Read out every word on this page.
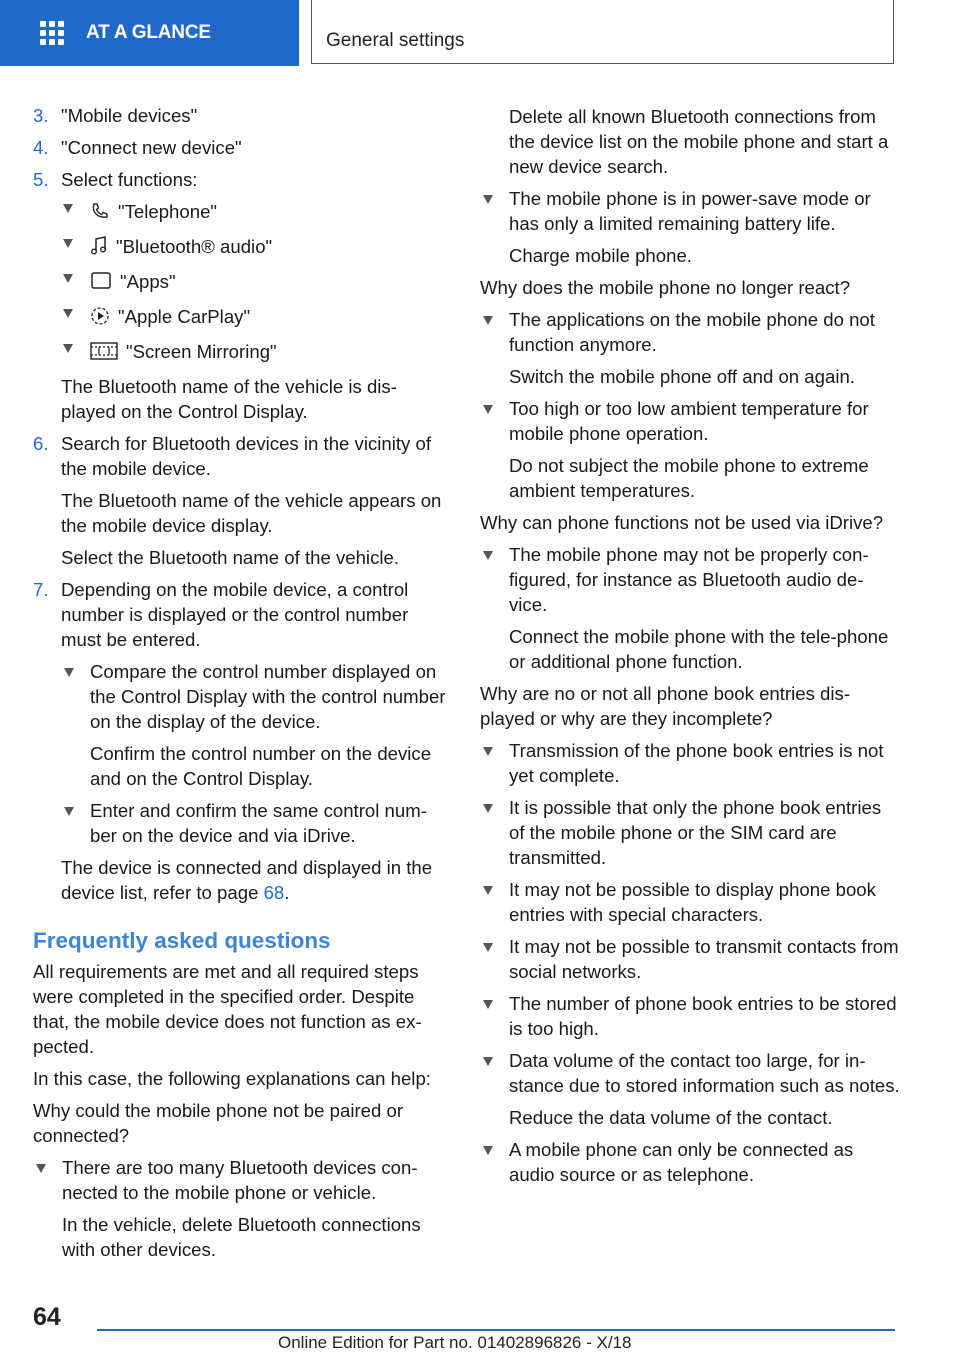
AT A GLANCE	General settings
3. "Mobile devices"
4. "Connect new device"
5. Select functions:
"Telephone"
"Bluetooth® audio"
"Apps"
"Apple CarPlay"
"Screen Mirroring"
The Bluetooth name of the vehicle is dis-played on the Control Display.
6. Search for Bluetooth devices in the vicinity of the mobile device.
The Bluetooth name of the vehicle appears on the mobile device display.
Select the Bluetooth name of the vehicle.
7. Depending on the mobile device, a control number is displayed or the control number must be entered.
Compare the control number displayed on the Control Display with the control number on the display of the device.
Confirm the control number on the device and on the Control Display.
Enter and confirm the same control num-ber on the device and via iDrive.
The device is connected and displayed in the device list, refer to page 68.
Frequently asked questions
All requirements are met and all required steps were completed in the specified order. Despite that, the mobile device does not function as ex-pected.
In this case, the following explanations can help:
Why could the mobile phone not be paired or connected?
There are too many Bluetooth devices con-nected to the mobile phone or vehicle.
In the vehicle, delete Bluetooth connections with other devices.
Delete all known Bluetooth connections from the device list on the mobile phone and start a new device search.
The mobile phone is in power-save mode or has only a limited remaining battery life.
Charge mobile phone.
Why does the mobile phone no longer react?
The applications on the mobile phone do not function anymore.
Switch the mobile phone off and on again.
Too high or too low ambient temperature for mobile phone operation.
Do not subject the mobile phone to extreme ambient temperatures.
Why can phone functions not be used via iDrive?
The mobile phone may not be properly con-figured, for instance as Bluetooth audio de-vice.
Connect the mobile phone with the tele-phone or additional phone function.
Why are no or not all phone book entries dis-played or why are they incomplete?
Transmission of the phone book entries is not yet complete.
It is possible that only the phone book entries of the mobile phone or the SIM card are transmitted.
It may not be possible to display phone book entries with special characters.
It may not be possible to transmit contacts from social networks.
The number of phone book entries to be stored is too high.
Data volume of the contact too large, for in-stance due to stored information such as notes.
Reduce the data volume of the contact.
A mobile phone can only be connected as audio source or as telephone.
64
Online Edition for Part no. 01402896826 - X/18
